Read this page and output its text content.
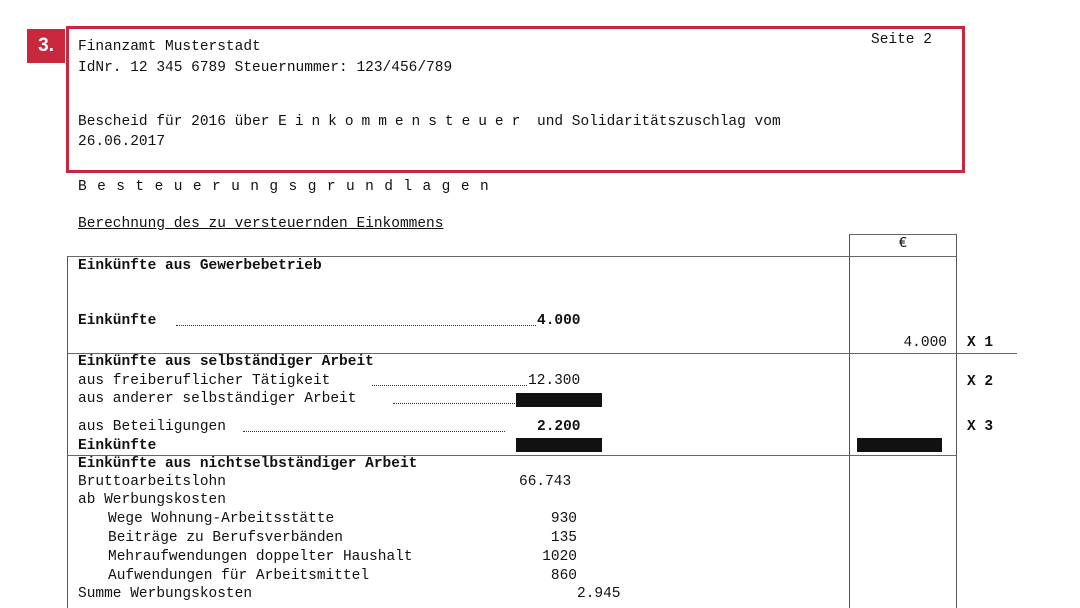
3.	Finanzamt Musterstadt	Seite 2
IdNr. 12 345 6789 Steuernummer: 123/456/789
Bescheid für 2016 über Einkommensteuer und Solidaritätszuschlag vom
26.06.2017
Besteuerungsgrundlagen
Berechnung des zu versteuernden Einkommens
€
Einkünfte aus Gewerbebetrieb
Einkünfte	4.000
4.000 X 1
Einkünfte aus selbständiger Arbeit
aus freiberuflicher Tätigkeit	12.300	X 2
aus anderer selbständiger Arbeit
aus Beteiligungen	2.200	X 3
Einkünfte
Einkünfte aus nichtselbständiger Arbeit
Bruttoarbeitslohn	66.743
ab Werbungskosten
Wege Wohnung-Arbeitsstätte	930
Beiträge zu Berufsverbänden	135
Mehraufwendungen doppelter Haushalt	1020
Aufwendungen für Arbeitsmittel	860
Summe Werbungskosten	2.945
